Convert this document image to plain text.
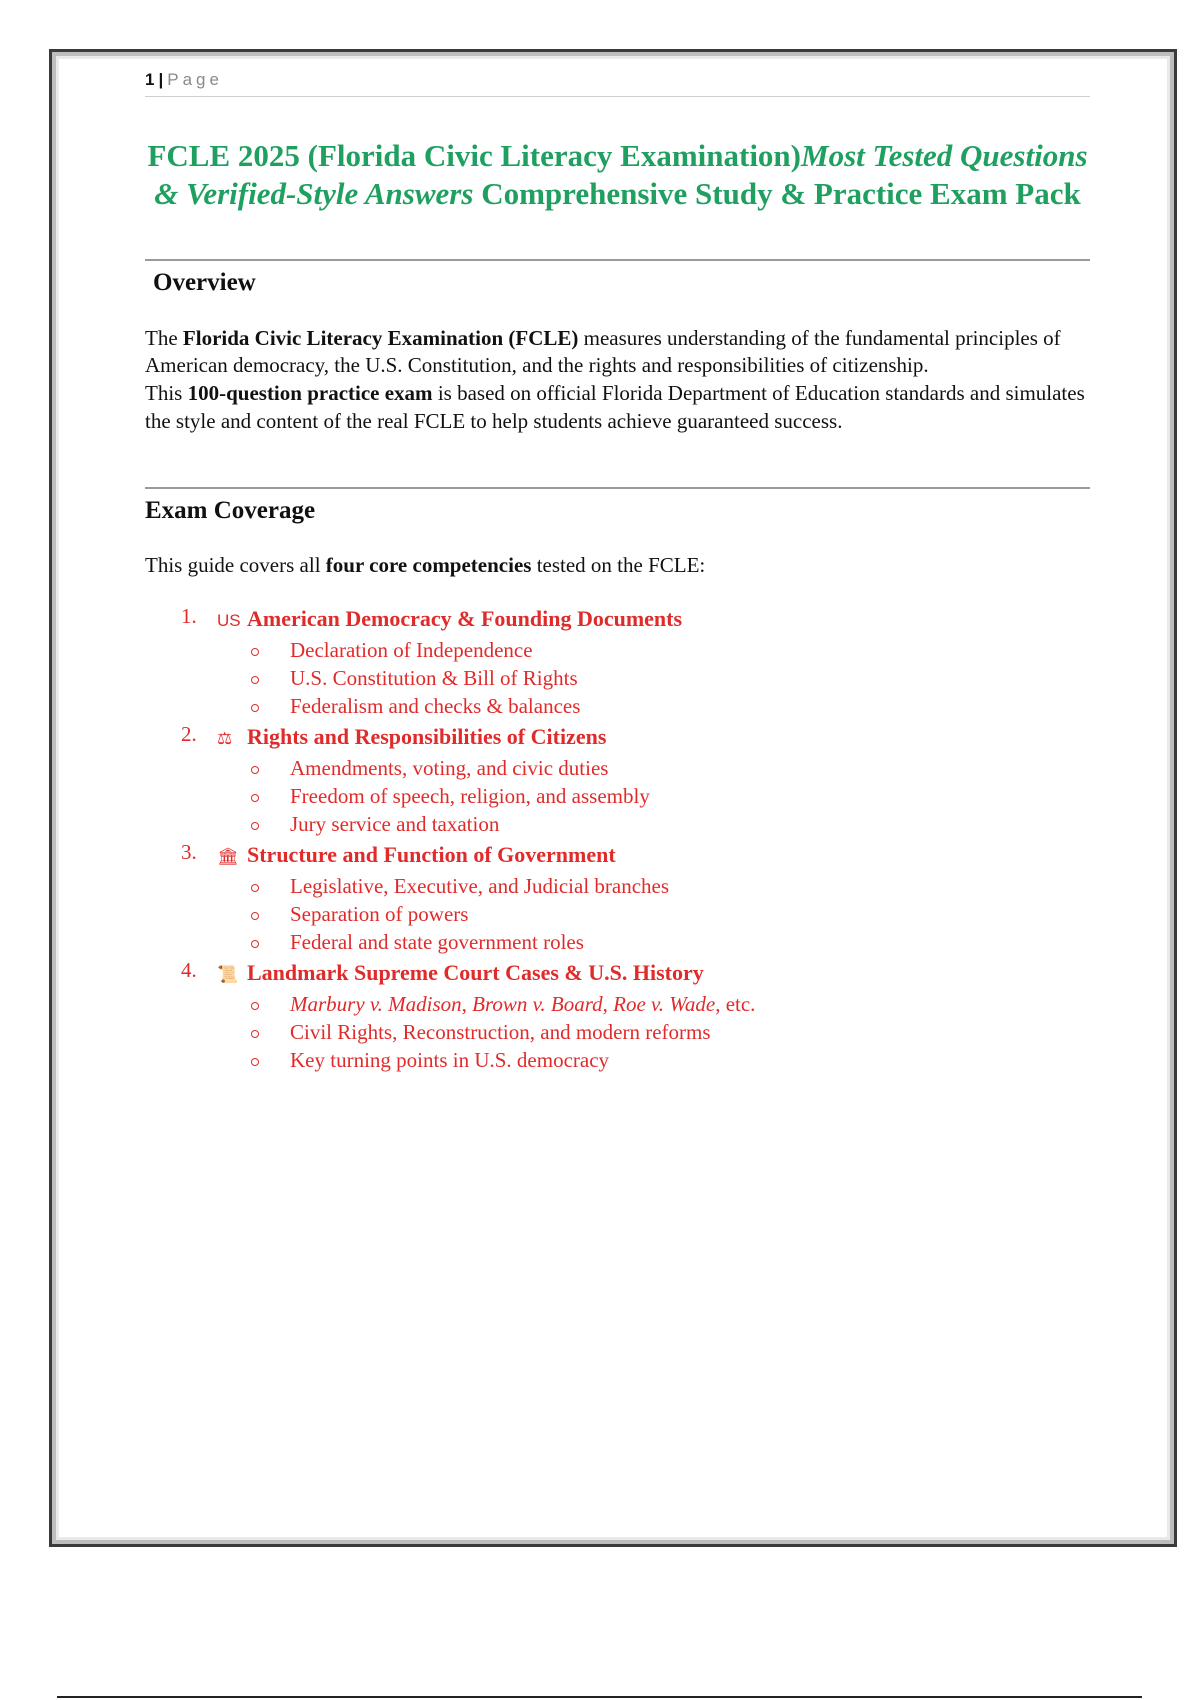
1 | Page
FCLE 2025 (Florida Civic Literacy Examination)Most Tested Questions & Verified-Style Answers Comprehensive Study & Practice Exam Pack
Overview

The Florida Civic Literacy Examination (FCLE) measures understanding of the fundamental principles of American democracy, the U.S. Constitution, and the rights and responsibilities of citizenship.

This 100-question practice exam is based on official Florida Department of Education standards and simulates the style and content of the real FCLE to help students achieve guaranteed success.

Exam Coverage

This guide covers all four core competencies tested on the FCLE:

1. US American Democracy & Founding Documents
Declaration of Independence
U.S. Constitution & Bill of Rights
Federalism and checks & balances
2. ⚖ Rights and Responsibilities of Citizens
Amendments, voting, and civic duties
Freedom of speech, religion, and assembly
Jury service and taxation
3. 🏛 Structure and Function of Government
Legislative, Executive, and Judicial branches
Separation of powers
Federal and state government roles
4. 📜 Landmark Supreme Court Cases & U.S. History
Marbury v. Madison, Brown v. Board, Roe v. Wade, etc.
Civil Rights, Reconstruction, and modern reforms
Key turning points in U.S. democracy
